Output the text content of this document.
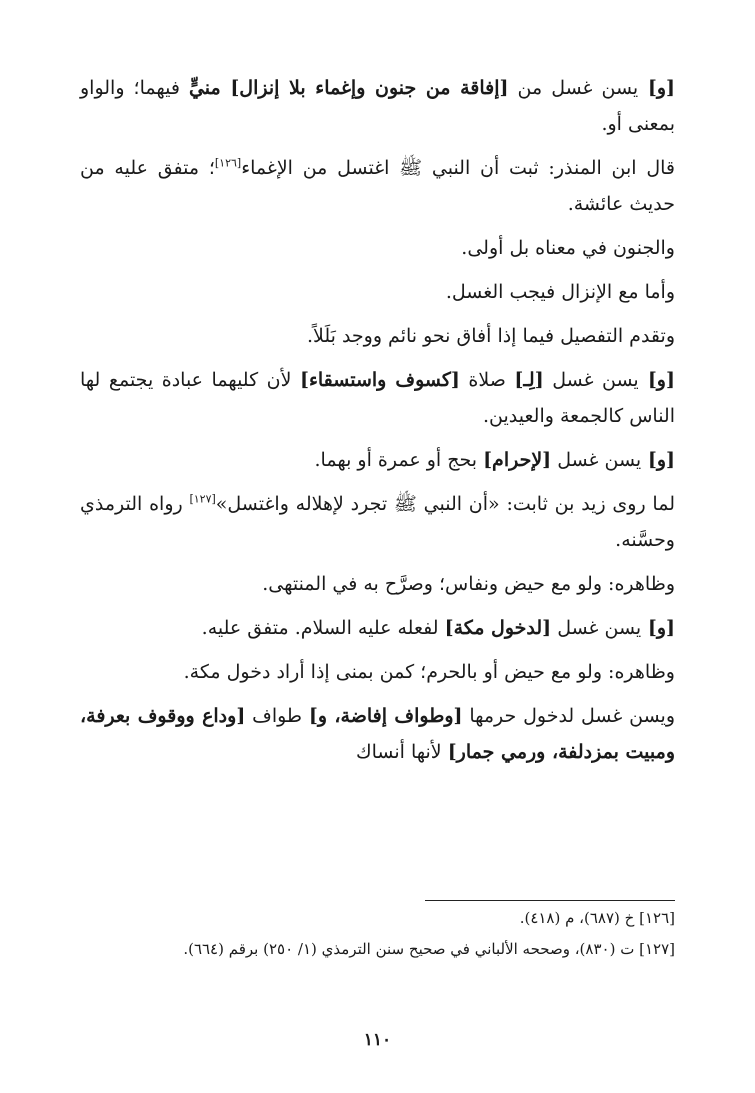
[و] يسن غسل من [إفاقة من جنون وإغماء بلا إنزال] منيٍّ فيهما؛ والواو بمعنى أو.

قال ابن المنذر: ثبت أن النبي ﷺ اغتسل من الإغماء[١٢٦]؛ متفق عليه من حديث عائشة.

والجنون في معناه بل أولى.

وأما مع الإنزال فيجب الغسل.

وتقدم التفصيل فيما إذا أفاق نحو نائم ووجد بَلَلاً.

[و] يسن غسل [لِـ] صلاة [كسوف واستسقاء] لأن كليهما عبادة يجتمع لها الناس كالجمعة والعيدين.

[و] يسن غسل [لإحرام] بحج أو عمرة أو بهما.

لما روى زيد بن ثابت: «أن النبي ﷺ تجرد لإهلاله واغتسل»[١٢٧] رواه الترمذي وحسَّنه.

وظاهره: ولو مع حيض ونفاس؛ وصرَّح به في المنتهى.

[و] يسن غسل [لدخول مكة] لفعله عليه السلام. متفق عليه.

وظاهره: ولو مع حيض أو بالحرم؛ كمن بمنى إذا أراد دخول مكة.

ويسن غسل لدخول حرمها [وطواف إفاضة، و] طواف [وداع ووقوف بعرفة، ومبيت بمزدلفة، ورمي جمار] لأنها أنساك

[١٢٦] خ (٦٨٧)، م (٤١٨).

[١٢٧] ت (٨٣٠)، وصححه الألباني في صحيح سنن الترمذي (١/ ٢٥٠) برقم (٦٦٤).

١١٠
